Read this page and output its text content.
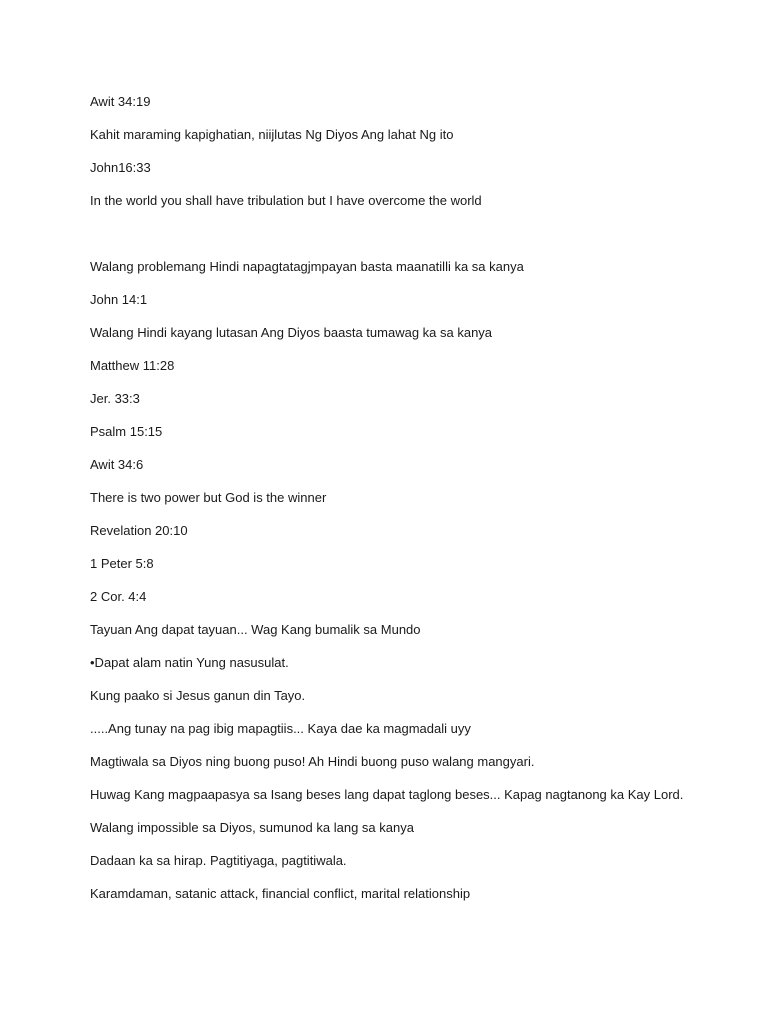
Awit 34:19
Kahit maraming kapighatian, niijlutas Ng Diyos Ang lahat Ng ito
John16:33
In the world you shall have tribulation but I have overcome the world
Walang problemang Hindi napagtatagjmpayan basta maanatilli ka sa kanya
John 14:1
Walang Hindi kayang lutasan Ang Diyos baasta tumawag ka sa kanya
Matthew 11:28
Jer. 33:3
Psalm 15:15
Awit 34:6
There is two power but God is the winner
Revelation 20:10
1 Peter 5:8
2 Cor. 4:4
Tayuan Ang dapat tayuan... Wag Kang bumalik sa Mundo
•Dapat alam natin Yung nasusulat.
Kung paako si Jesus ganun din Tayo.
.....Ang tunay na pag ibig mapagtiis... Kaya dae ka magmadali uyy
Magtiwala sa Diyos ning buong puso! Ah Hindi buong puso walang mangyari.
Huwag Kang magpaapasya sa Isang beses lang dapat taglong beses... Kapag nagtanong ka Kay Lord.
Walang impossible sa Diyos, sumunod ka lang sa kanya
Dadaan ka sa hirap. Pagtitiyaga, pagtitiwala.
Karamdaman, satanic attack, financial conflict, marital relationship
